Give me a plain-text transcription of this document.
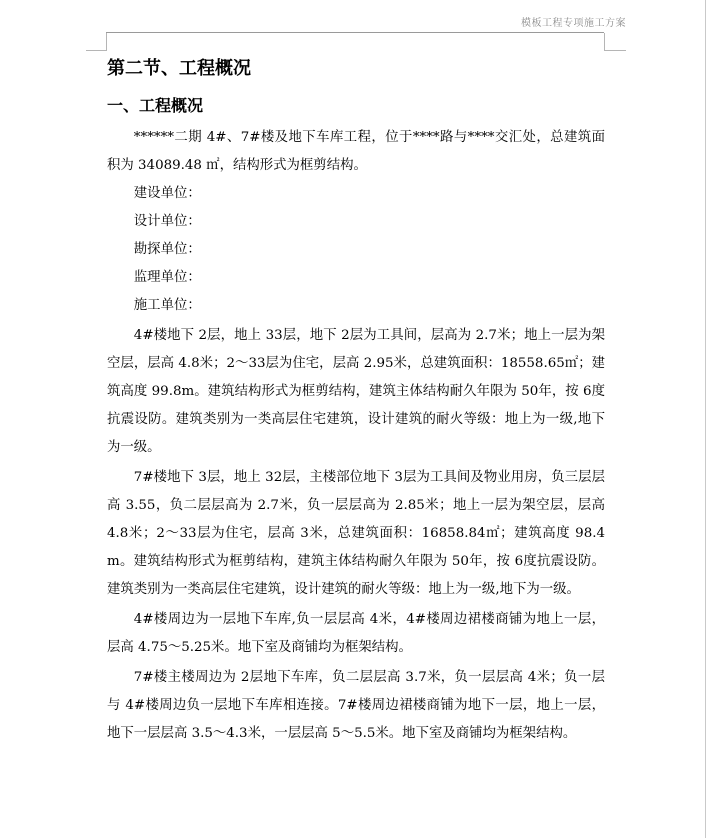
模板工程专项施工方案
第二节、工程概况
一、工程概况

******二期 4#、7#楼及地下车库工程，位于****路与****交汇处，总建筑面积为 34089.48 ㎡，结构形式为框剪结构。

建设单位：

设计单位：

勘探单位：

监理单位：

施工单位：

4#楼地下 2层，地上 33层，地下 2层为工具间，层高为 2.7米；地上一层为架空层，层高 4.8米；2～33层为住宅，层高 2.95米，总建筑面积：18558.65㎡；建筑高度 99.8m。建筑结构形式为框剪结构，建筑主体结构耐久年限为 50年，按 6度抗震设防。建筑类别为一类高层住宅建筑，设计建筑的耐火等级：地上为一级,地下为一级。

7#楼地下 3层，地上 32层，主楼部位地下 3层为工具间及物业用房，负三层层高 3.55，负二层层高为 2.7米，负一层层高为 2.85米；地上一层为架空层，层高 4.8米；2～33层为住宅，层高 3米，总建筑面积：16858.84㎡；建筑高度 98.4m。建筑结构形式为框剪结构，建筑主体结构耐久年限为 50年，按 6度抗震设防。建筑类别为一类高层住宅建筑，设计建筑的耐火等级：地上为一级,地下为一级。

4#楼周边为一层地下车库,负一层层高 4米，4#楼周边裙楼商铺为地上一层，层高 4.75～5.25米。地下室及商铺均为框架结构。

7#楼主楼周边为 2层地下车库，负二层层高 3.7米，负一层层高 4米；负一层与 4#楼周边负一层地下车库相连接。7#楼周边裙楼商铺为地下一层，地上一层，地下一层层高 3.5～4.3米，一层层高 5～5.5米。地下室及商铺均为框架结构。
